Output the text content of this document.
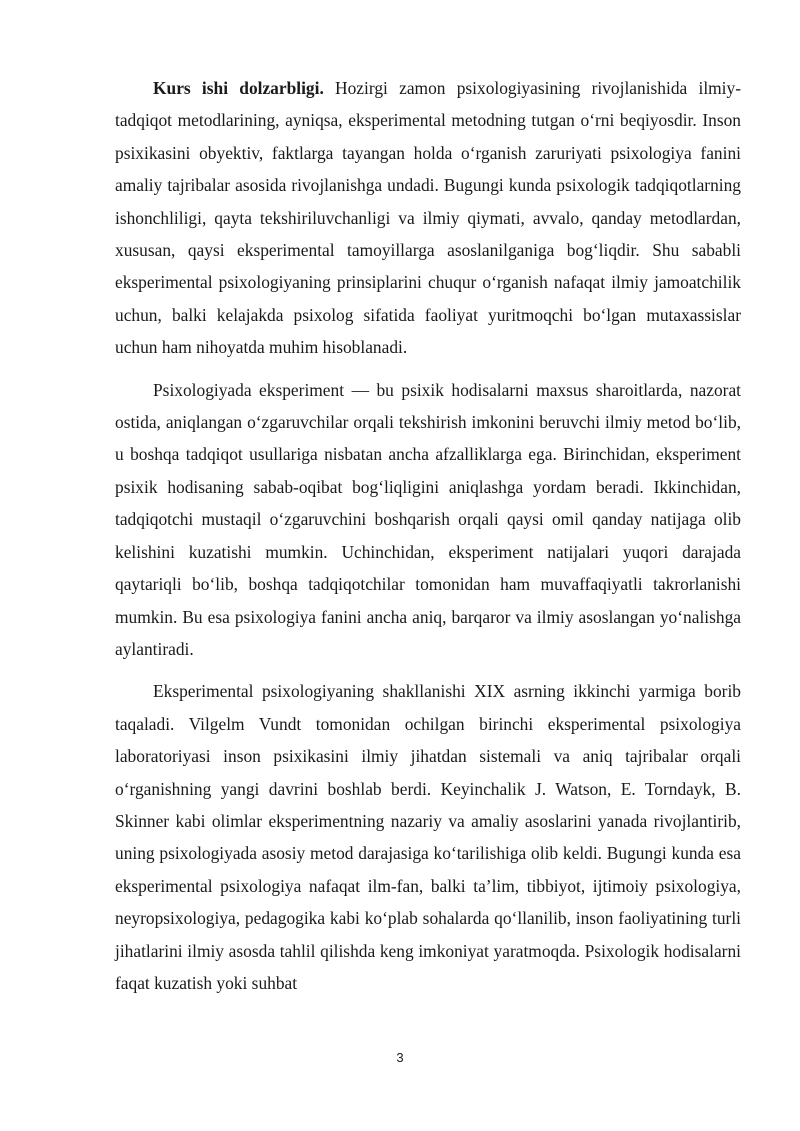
Kurs ishi dolzarbligi. Hozirgi zamon psixologiyasining rivojlanishida ilmiy-tadqiqot metodlarining, ayniqsa, eksperimental metodning tutgan oʻrni beqiyosdir. Inson psixikasini obyektiv, faktlarga tayangan holda oʻrganish zaruriyati psixologiya fanini amaliy tajribalar asosida rivojlanishga undadi. Bugungi kunda psixologik tadqiqotlarning ishonchliligi, qayta tekshiriluvchanligi va ilmiy qiymati, avvalo, qanday metodlardan, xususan, qaysi eksperimental tamoyillarga asoslanilganiga bogʻliqdir. Shu sababli eksperimental psixologiyaning prinsiplarini chuqur oʻrganish nafaqat ilmiy jamoatchilik uchun, balki kelajakda psixolog sifatida faoliyat yuritmoqchi boʻlgan mutaxassislar uchun ham nihoyatda muhim hisoblanadi.

Psixologiyada eksperiment — bu psixik hodisalarni maxsus sharoitlarda, nazorat ostida, aniqlangan oʻzgaruvchilar orqali tekshirish imkonini beruvchi ilmiy metod boʻlib, u boshqa tadqiqot usullariga nisbatan ancha afzalliklarga ega. Birinchidan, eksperiment psixik hodisaning sabab-oqibat bogʻliqligini aniqlashga yordam beradi. Ikkinchidan, tadqiqotchi mustaqil oʻzgaruvchini boshqarish orqali qaysi omil qanday natijaga olib kelishini kuzatishi mumkin. Uchinchidan, eksperiment natijalari yuqori darajada qaytariqli boʻlib, boshqa tadqiqotchilar tomonidan ham muvaffaqiyatli takrorlanishi mumkin. Bu esa psixologiya fanini ancha aniq, barqaror va ilmiy asoslangan yoʻnalishga aylantiradi.

Eksperimental psixologiyaning shakllanishi XIX asrning ikkinchi yarmiga borib taqaladi. Vilgelm Vundt tomonidan ochilgan birinchi eksperimental psixologiya laboratoriyasi inson psixikasini ilmiy jihatdan sistemali va aniq tajribalar orqali oʻrganishning yangi davrini boshlab berdi. Keyinchalik J. Watson, E. Torndayk, B. Skinner kabi olimlar eksperimentning nazariy va amaliy asoslarini yanada rivojlantirib, uning psixologiyada asosiy metod darajasiga koʻtarilishiga olib keldi. Bugungi kunda esa eksperimental psixologiya nafaqat ilm-fan, balki taʼlim, tibbiyot, ijtimoiy psixologiya, neyropsixologiya, pedagogika kabi koʻplab sohalarda qoʻllanilib, inson faoliyatining turli jihatlarini ilmiy asosda tahlil qilishda keng imkoniyat yaratmoqda. Psixologik hodisalarni faqat kuzatish yoki suhbat

3
